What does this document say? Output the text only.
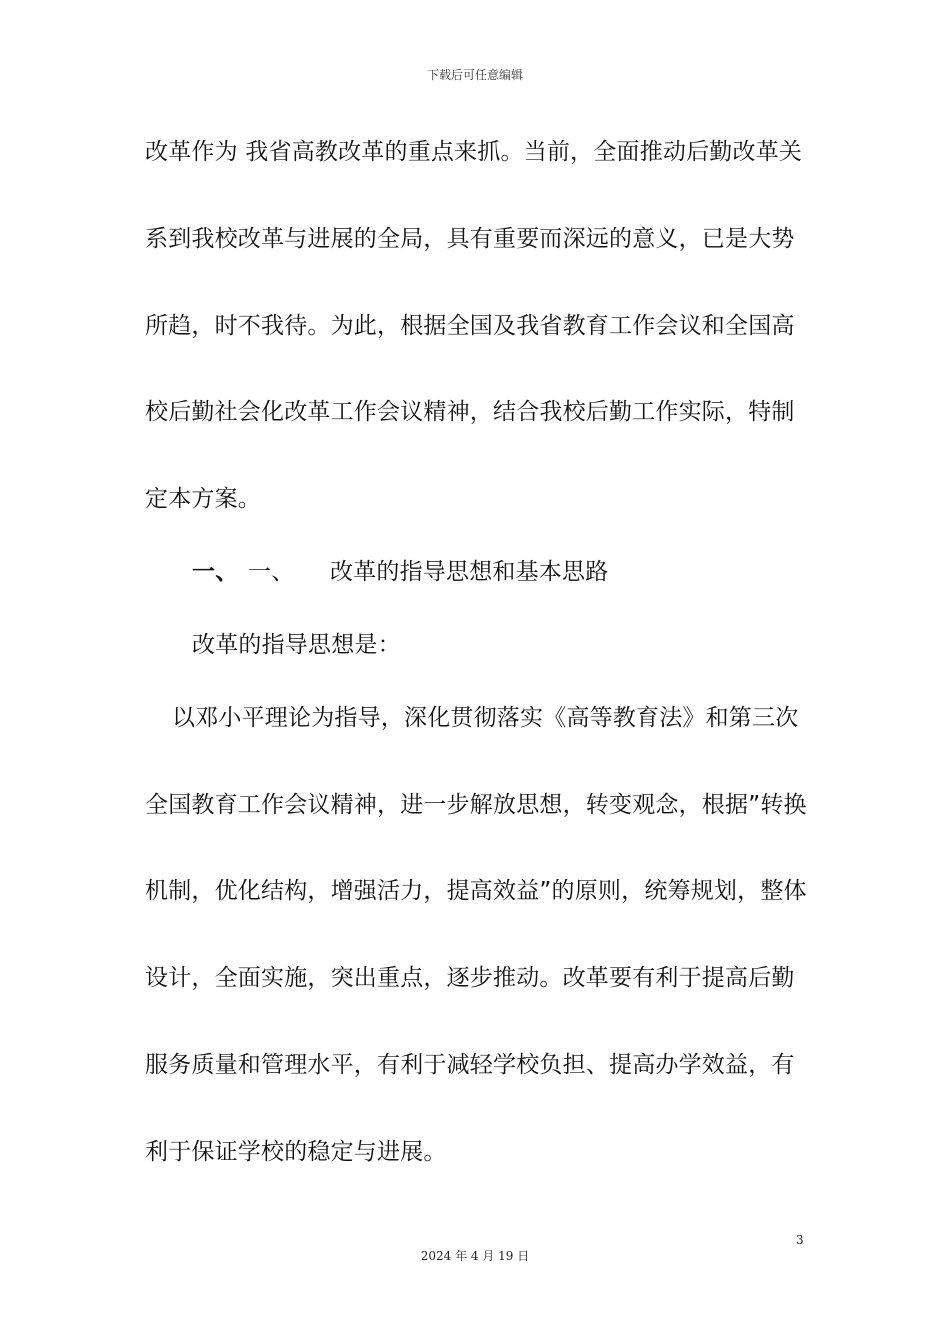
下载后可任意编辑
改革作为 我省高教改革的重点来抓。当前，全面推动后勤改革关
系到我校改革与进展的全局，具有重要而深远的意义，已是大势
所趋，时不我待。为此，根据全国及我省教育工作会议和全国高
校后勤社会化改革工作会议精神，结合我校后勤工作实际，特制
定本方案。
一、 一、 改革的指导思想和基本思路
改革的指导思想是：
以邓小平理论为指导，深化贯彻落实《高等教育法》和第三次
全国教育工作会议精神，进一步解放思想，转变观念，根据”转换
机制，优化结构，增强活力，提高效益”的原则，统筹规划，整体
设计，全面实施，突出重点，逐步推动。改革要有利于提高后勤
服务质量和管理水平，有利于减轻学校负担、提高办学效益，有
利于保证学校的稳定与进展。
3
2024 年 4 月 19 日
